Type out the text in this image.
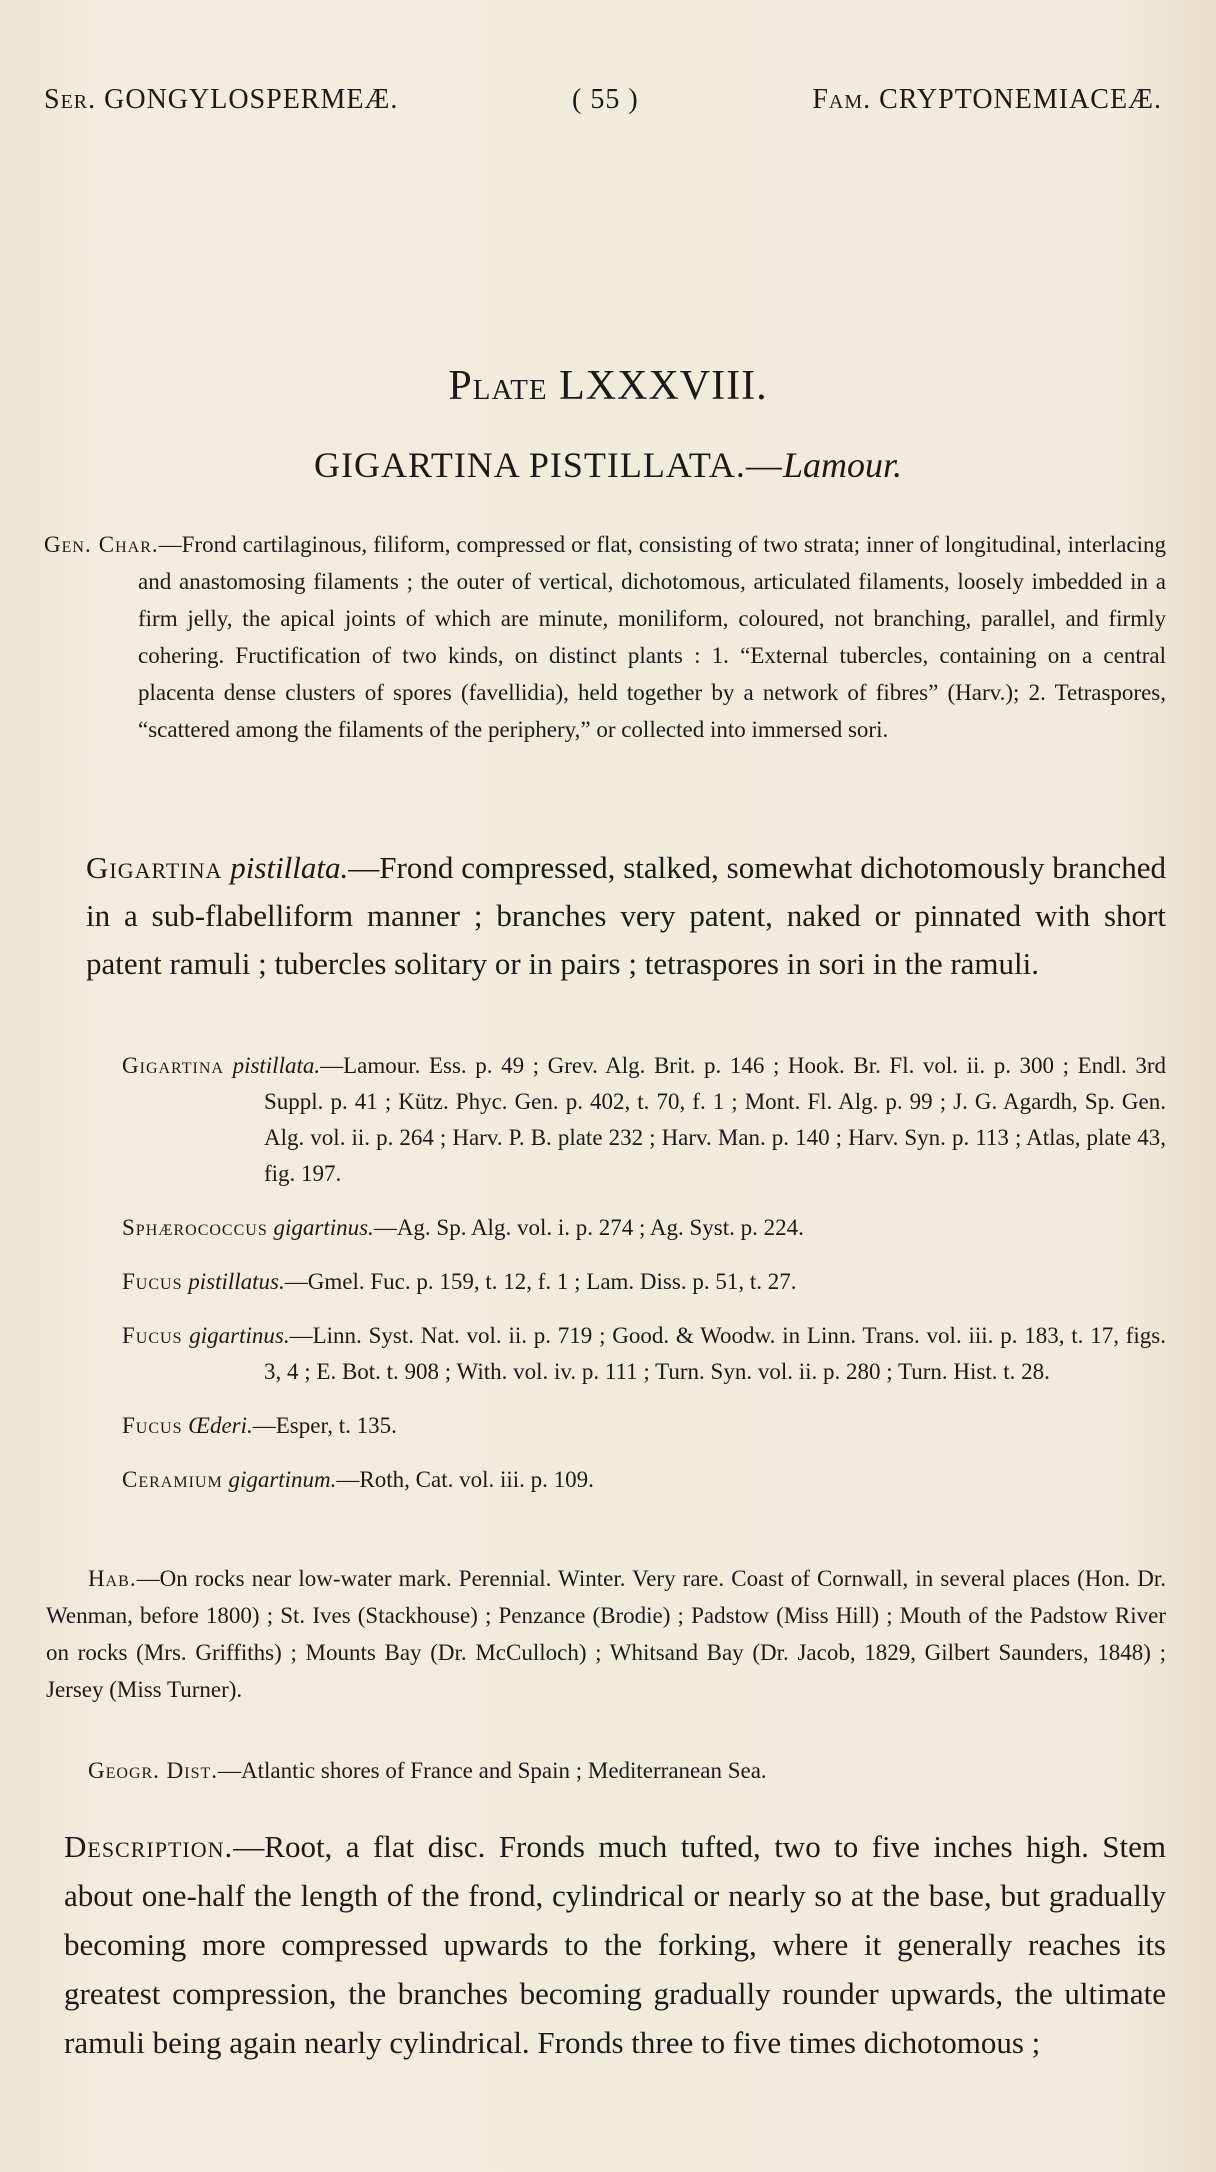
Ser. GONGYLOSPERMEÆ.	( 55 )	Fam. CRYPTONEMIACEÆ.
Plate LXXXVIII.
GIGARTINA PISTILLATA.—Lamour.
Gen. Char.—Frond cartilaginous, filiform, compressed or flat, consisting of two strata; inner of longitudinal, interlacing and anastomosing filaments ; the outer of vertical, dichotomous, articulated filaments, loosely imbedded in a firm jelly, the apical joints of which are minute, moniliform, coloured, not branching, parallel, and firmly cohering. Fructification of two kinds, on distinct plants : 1. “External tubercles, containing on a central placenta dense clusters of spores (favellidia), held together by a network of fibres” (Harv.); 2. Tetraspores, “scattered among the filaments of the periphery,” or collected into immersed sori.
Gigartina pistillata.—Frond compressed, stalked, somewhat dichotomously branched in a sub-flabelliform manner ; branches very patent, naked or pinnated with short patent ramuli ; tubercles solitary or in pairs ; tetraspores in sori in the ramuli.
Gigartina pistillata.—Lamour. Ess. p. 49 ; Grev. Alg. Brit. p. 146 ; Hook. Br. Fl. vol. ii. p. 300 ; Endl. 3rd Suppl. p. 41 ; Kütz. Phyc. Gen. p. 402, t. 70, f. 1 ; Mont. Fl. Alg. p. 99 ; J. G. Agardh, Sp. Gen. Alg. vol. ii. p. 264 ; Harv. P. B. plate 232 ; Harv. Man. p. 140 ; Harv. Syn. p. 113 ; Atlas, plate 43, fig. 197.
Sphærococcus gigartinus.—Ag. Sp. Alg. vol. i. p. 274 ; Ag. Syst. p. 224.
Fucus pistillatus.—Gmel. Fuc. p. 159, t. 12, f. 1 ; Lam. Diss. p. 51, t. 27.
Fucus gigartinus.—Linn. Syst. Nat. vol. ii. p. 719 ; Good. & Woodw. in Linn. Trans. vol. iii. p. 183, t. 17, figs. 3, 4 ; E. Bot. t. 908 ; With. vol. iv. p. 111 ; Turn. Syn. vol. ii. p. 280 ; Turn. Hist. t. 28.
Fucus Œderi.—Esper, t. 135.
Ceramium gigartinum.—Roth, Cat. vol. iii. p. 109.
Hab.—On rocks near low-water mark. Perennial. Winter. Very rare. Coast of Cornwall, in several places (Hon. Dr. Wenman, before 1800) ; St. Ives (Stackhouse) ; Penzance (Brodie) ; Padstow (Miss Hill) ; Mouth of the Padstow River on rocks (Mrs. Griffiths) ; Mounts Bay (Dr. McCulloch) ; Whitsand Bay (Dr. Jacob, 1829, Gilbert Saunders, 1848) ; Jersey (Miss Turner).
Geogr. Dist.—Atlantic shores of France and Spain ; Mediterranean Sea.
Description.—Root, a flat disc. Fronds much tufted, two to five inches high. Stem about one-half the length of the frond, cylindrical or nearly so at the base, but gradually becoming more compressed upwards to the forking, where it generally reaches its greatest compression, the branches becoming gradually rounder upwards, the ultimate ramuli being again nearly cylindrical. Fronds three to five times dichotomous ;
